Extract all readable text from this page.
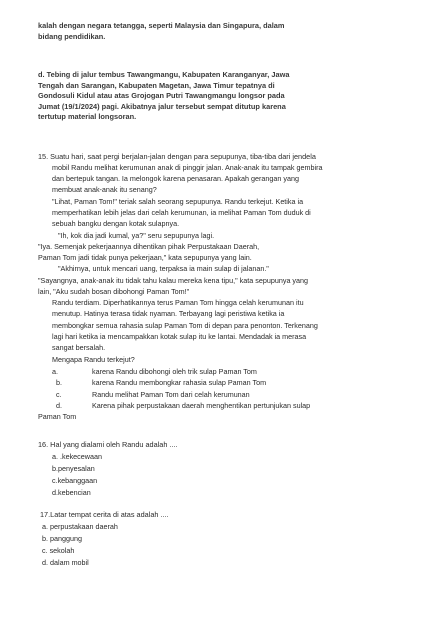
kalah dengan negara tetangga, seperti Malaysia dan Singapura, dalam
bidang pendidikan.
d. Tebing di jalur tembus Tawangmangu, Kabupaten Karanganyar, Jawa
Tengah dan Sarangan, Kabupaten Magetan, Jawa Timur tepatnya di
Gondosuli Kidul atau atas Grojogan Putri Tawangmangu longsor pada
Jumat (19/1/2024) pagi. Akibatnya jalur tersebut sempat ditutup karena
tertutup material longsoran.
15. Suatu hari, saat pergi berjalan-jalan dengan para sepupunya, tiba-tiba dari jendela
mobil Randu melihat kerumunan anak di pinggir jalan. Anak-anak itu tampak gembira
dan bertepuk tangan. Ia melongok karena penasaran. Apakah gerangan yang
membuat anak-anak itu senang?
"Lihat, Paman Tom!" teriak salah seorang sepupunya. Randu terkejut. Ketika ia
memperhatikan lebih jelas dari celah kerumunan, ia melihat Paman Tom duduk di
sebuah bangku dengan kotak sulapnya.
"Ih, kok dia jadi kumal, ya?" seru sepupunya lagi.
"Iya. Semenjak pekerjaannya dihentikan pihak Perpustakaan Daerah,
Paman Tom jadi tidak punya pekerjaan," kata sepupunya yang lain.
"Akhirnya, untuk mencari uang, terpaksa ia main sulap di jalanan."
"Sayangnya, anak-anak itu tidak tahu kalau mereka kena tipu," kata sepupunya yang
lain, "Aku sudah bosan dibohongi Paman Tom!"
Randu terdiam. Diperhatikannya terus Paman Tom hingga celah kerumunan itu
menutup. Hatinya terasa tidak nyaman. Terbayang lagi peristiwa ketika ia
membongkar semua rahasia sulap Paman Tom di depan para penonton. Terkenang
lagi hari ketika ia mencampakkan kotak sulap itu ke lantai. Mendadak ia merasa
sangat bersalah.
Mengapa Randu terkejut?
a.	karena Randu dibohongi oleh trik sulap Paman Tom
b.	karena Randu membongkar rahasia sulap Paman Tom
c.	Randu melihat Paman Tom dari celah kerumunan
d.	Karena pihak perpustakaan daerah menghentikan pertunjukan sulap
Paman Tom
16. Hal yang dialami oleh Randu adalah ....
a. .kekecewaan
b.penyesalan
c.kebanggaan
d.kebencian
17.Latar tempat cerita di atas adalah ....
a. perpustakaan daerah
b. panggung
c. sekolah
d. dalam mobil
